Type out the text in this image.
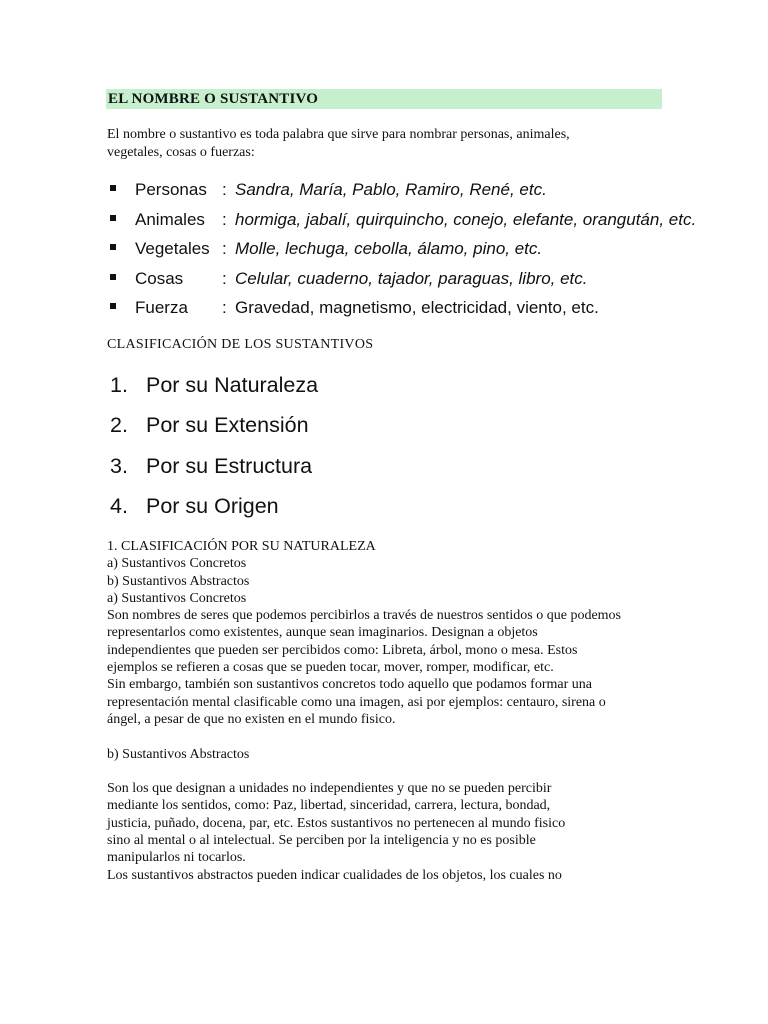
EL NOMBRE O SUSTANTIVO
El nombre o sustantivo es toda palabra que sirve para nombrar personas, animales,
vegetales, cosas o fuerzas:
Personas : Sandra, María, Pablo, Ramiro, René, etc.
Animales : hormiga, jabalí, quirquincho, conejo, elefante, orangután, etc.
Vegetales : Molle, lechuga, cebolla, álamo, pino, etc.
Cosas : Celular, cuaderno, tajador, paraguas, libro, etc.
Fuerza : Gravedad, magnetismo, electricidad, viento, etc.
CLASIFICACIÓN DE LOS SUSTANTIVOS
1. Por su Naturaleza
2. Por su Extensión
3. Por su Estructura
4. Por su Origen
1. CLASIFICACIÓN POR SU NATURALEZA
a) Sustantivos Concretos
b) Sustantivos Abstractos
a) Sustantivos Concretos
Son nombres de seres que podemos percibirlos a través de nuestros sentidos o que podemos
representarlos como existentes, aunque sean imaginarios. Designan a objetos
independientes que pueden ser percibidos como: Libreta, árbol, mono o mesa. Estos
ejemplos se refieren a cosas que se pueden tocar, mover, romper, modificar, etc.
Sin embargo, también son sustantivos concretos todo aquello que podamos formar una
representación mental clasificable como una imagen, asi por ejemplos: centauro, sirena o
ángel, a pesar de que no existen en el mundo fisico.
b) Sustantivos Abstractos
Son los que designan a unidades no independientes y que no se pueden percibir
mediante los sentidos, como: Paz, libertad, sinceridad, carrera, lectura, bondad,
justicia, puñado, docena, par, etc. Estos sustantivos no pertenecen al mundo fisico
sino al mental o al intelectual. Se perciben por la inteligencia y no es posible
manipularlos ni tocarlos.
Los sustantivos abstractos pueden indicar cualidades de los objetos, los cuales no
